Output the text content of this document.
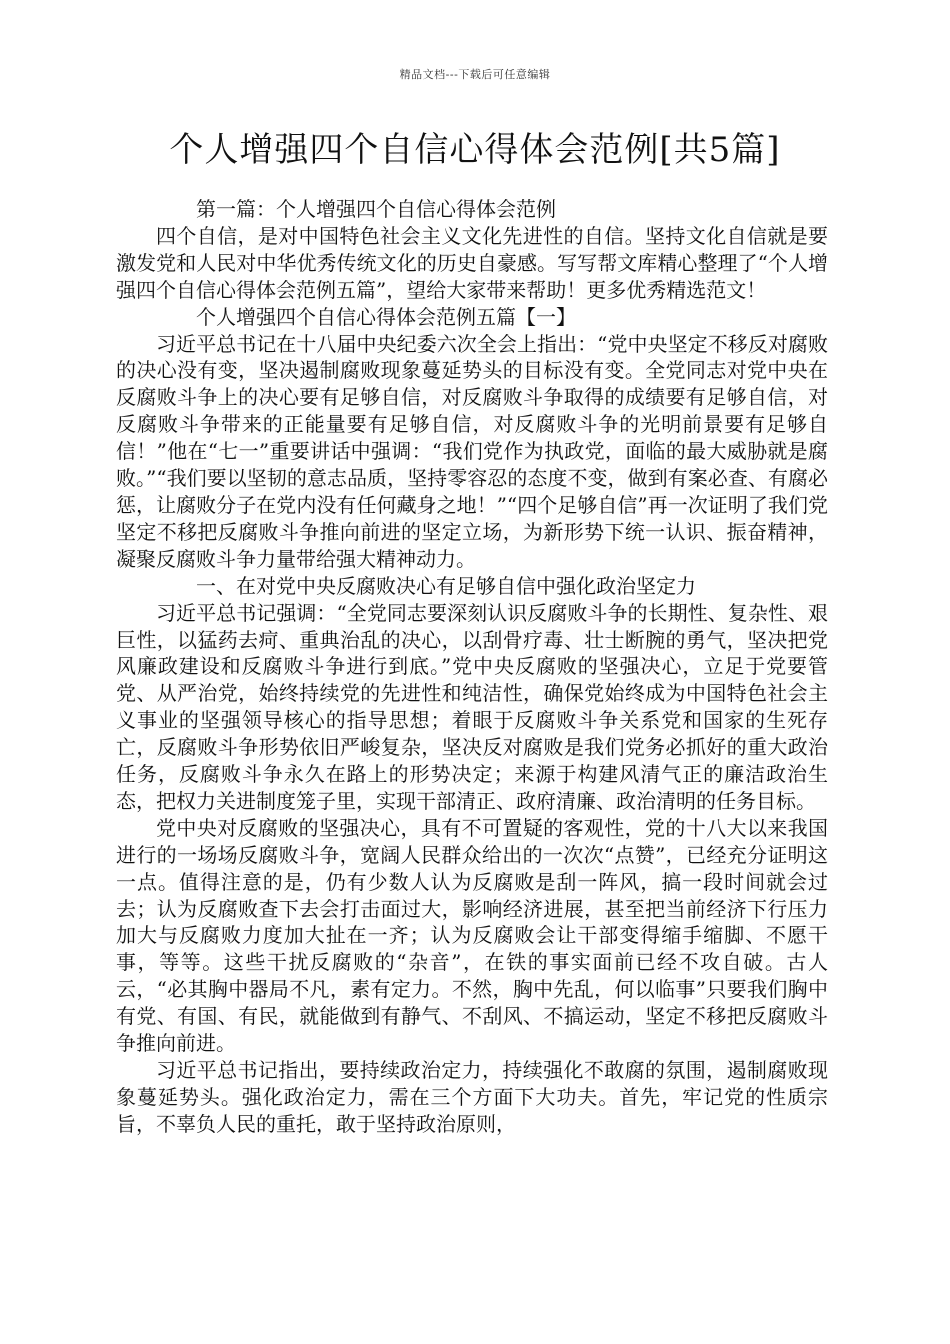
精品文档---下载后可任意编辑
个人增强四个自信心得体会范例[共5篇]

第一篇：个人增强四个自信心得体会范例

四个自信，是对中国特色社会主义文化先进性的自信。坚持文化自信就是要激发党和人民对中华优秀传统文化的历史自豪感。写写帮文库精心整理了“个人增强四个自信心得体会范例五篇”，望给大家带来帮助！更多优秀精选范文！

个人增强四个自信心得体会范例五篇【一】

习近平总书记在十八届中央纪委六次全会上指出：“党中央坚定不移反对腐败的决心没有变，坚决遏制腐败现象蔓延势头的目标没有变。全党同志对党中央在反腐败斗争上的决心要有足够自信，对反腐败斗争取得的成绩要有足够自信，对反腐败斗争带来的正能量要有足够自信，对反腐败斗争的光明前景要有足够自信！”他在“七一”重要讲话中强调：“我们党作为执政党，面临的最大威胁就是腐败。”“我们要以坚韧的意志品质，坚持零容忍的态度不变，做到有案必查、有腐必惩，让腐败分子在党内没有任何藏身之地！”“四个足够自信”再一次证明了我们党坚定不移把反腐败斗争推向前进的坚定立场，为新形势下统一认识、振奋精神，凝聚反腐败斗争力量带给强大精神动力。

一、在对党中央反腐败决心有足够自信中强化政治坚定力

习近平总书记强调：“全党同志要深刻认识反腐败斗争的长期性、复杂性、艰巨性，以猛药去疴、重典治乱的决心，以刮骨疗毒、壮士断腕的勇气，坚决把党风廉政建设和反腐败斗争进行到底。”党中央反腐败的坚强决心，立足于党要管党、从严治党，始终持续党的先进性和纯洁性，确保党始终成为中国特色社会主义事业的坚强领导核心的指导思想；着眼于反腐败斗争关系党和国家的生死存亡，反腐败斗争形势依旧严峻复杂，坚决反对腐败是我们党务必抓好的重大政治任务，反腐败斗争永久在路上的形势决定；来源于构建风清气正的廉洁政治生态，把权力关进制度笼子里，实现干部清正、政府清廉、政治清明的任务目标。

党中央对反腐败的坚强决心，具有不可置疑的客观性，党的十八大以来我国进行的一场场反腐败斗争，宽阔人民群众给出的一次次“点赞”，已经充分证明这一点。值得注意的是，仍有少数人认为反腐败是刮一阵风，搞一段时间就会过去；认为反腐败查下去会打击面过大，影响经济进展，甚至把当前经济下行压力加大与反腐败力度加大扯在一齐；认为反腐败会让干部变得缩手缩脚、不愿干事，等等。这些干扰反腐败的“杂音”，在铁的事实面前已经不攻自破。古人云，“必其胸中器局不凡，素有定力。不然，胸中先乱，何以临事”只要我们胸中有党、有国、有民，就能做到有静气、不刮风、不搞运动，坚定不移把反腐败斗争推向前进。

习近平总书记指出，要持续政治定力，持续强化不敢腐的氛围，遏制腐败现象蔓延势头。强化政治定力，需在三个方面下大功夫。首先，牢记党的性质宗旨，不辜负人民的重托，敢于坚持政治原则，
